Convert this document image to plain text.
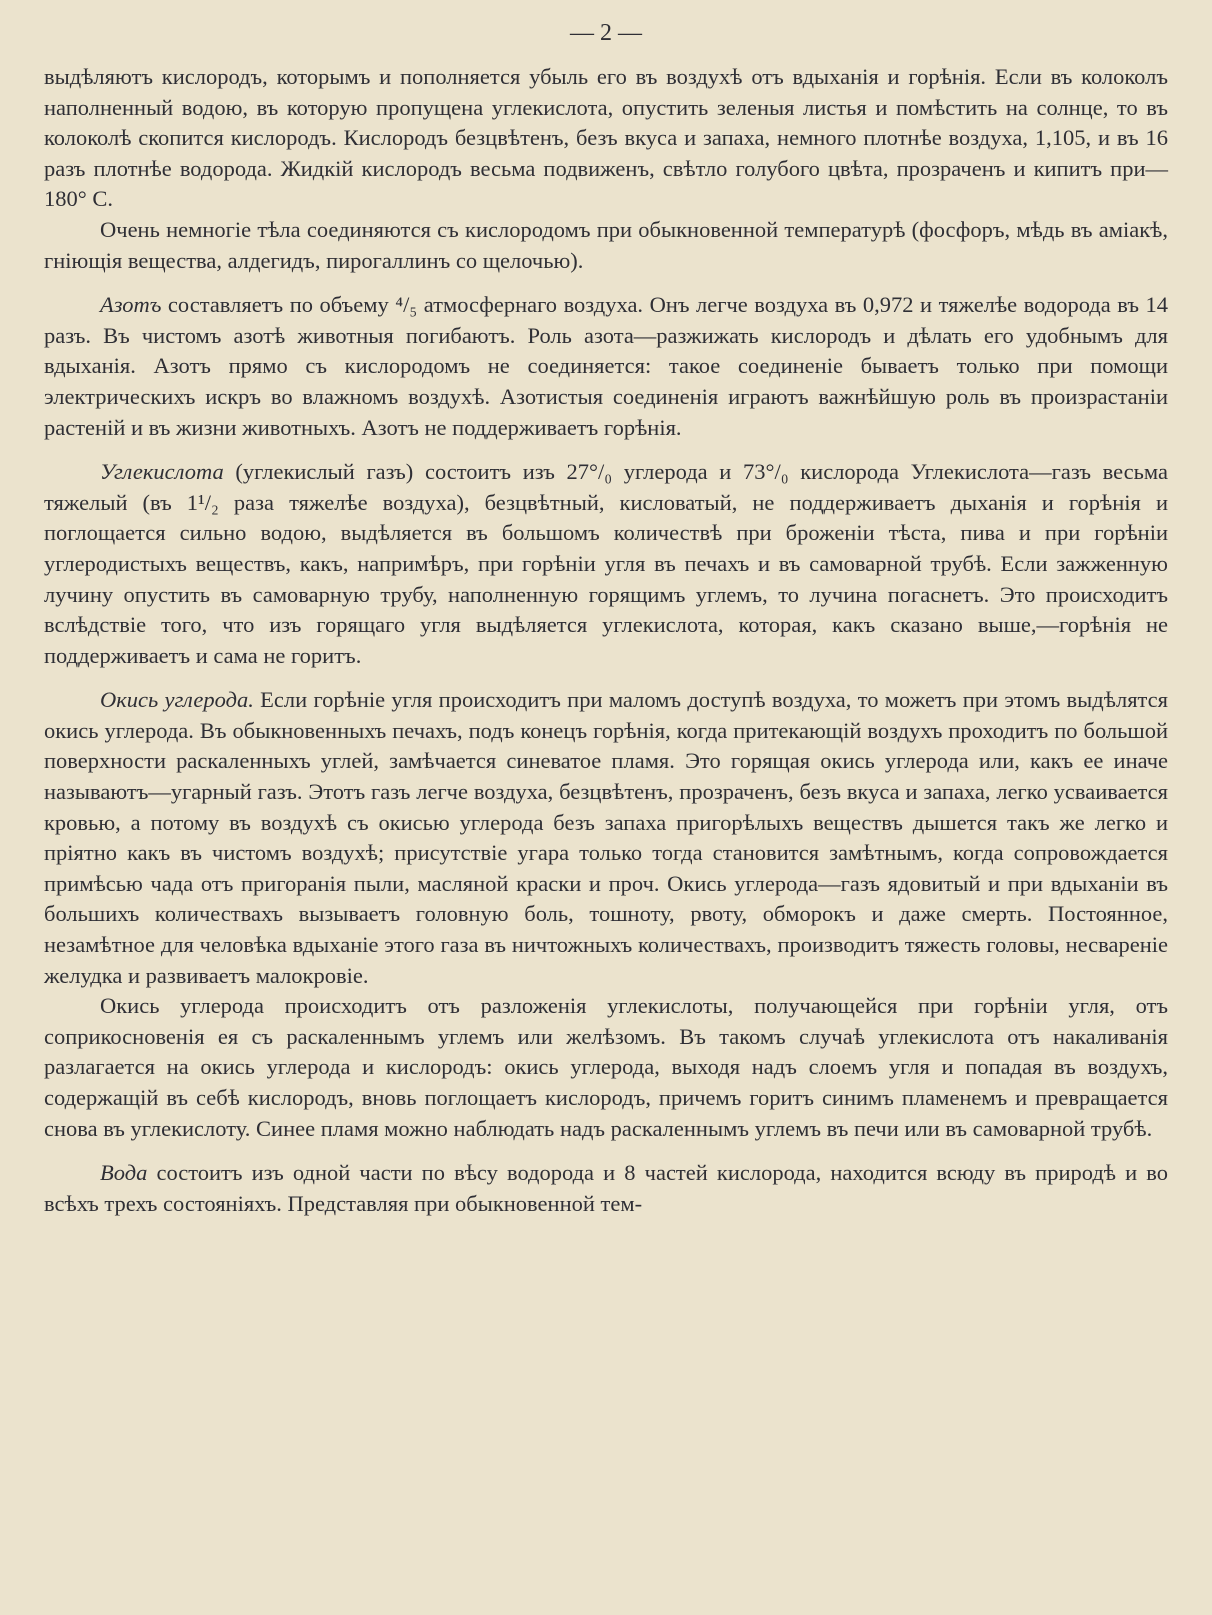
— 2 —

выдѣляютъ кислородъ, которымъ и пополняется убыль его въ воздухѣ отъ вдыханія и горѣнія. Если въ колоколъ наполненный водою, въ которую пропущена углекислота, опустить зеленыя листья и помѣстить на солнце, то въ колоколѣ скопится кислородъ. Кислородъ безцвѣтенъ, безъ вкуса и запаха, немного плотнѣе воздуха, 1,105, и въ 16 разъ плотнѣе водорода. Жидкій кислородъ весьма подвиженъ, свѣтло голубого цвѣта, прозраченъ и кипитъ при—180° С.

Очень немногіе тѣла соединяются съ кислородомъ при обыкновенной температурѣ (фосфоръ, мѣдь въ аміакѣ, гніющія вещества, алдегидъ, пирогаллинъ со щелочью).

Азотъ составляетъ по объему ⁴/₅ атмосфернаго воздуха. Онъ легче воздуха въ 0,972 и тяжелѣе водорода въ 14 разъ. Въ чистомъ азотѣ животныя погибаютъ. Роль азота—разжижать кислородъ и дѣлать его удобнымъ для вдыханія. Азотъ прямо съ кислородомъ не соединяется: такое соединеніе бываетъ только при помощи электрическихъ искръ во влажномъ воздухѣ. Азотистыя соединенія играютъ важнѣйшую роль въ произрастаніи растеній и въ жизни животныхъ. Азотъ не поддерживаетъ горѣнія.

Углекислота (углекислый газъ) состоитъ изъ 27°/₀ углерода и 73°/₀ кислорода Углекислота—газъ весьма тяжелый (въ 1¹/₂ раза тяжелѣе воздуха), безцвѣтный, кисловатый, не поддерживаетъ дыханія и горѣнія и поглощается сильно водою, выдѣляется въ большомъ количествѣ при броженіи тѣста, пива и при горѣніи углеродистыхъ веществъ, какъ, напримѣръ, при горѣніи угля въ печахъ и въ самоварной трубѣ. Если зажженную лучину опустить въ самоварную трубу, наполненную горящимъ углемъ, то лучина погаснетъ. Это происходитъ вслѣдствіе того, что изъ горящаго угля выдѣляется углекислота, которая, какъ сказано выше,—горѣнія не поддерживаетъ и сама не горитъ.

Окись углерода. Если горѣніе угля происходитъ при маломъ доступѣ воздуха, то можетъ при этомъ выдѣлятся окись углерода. Въ обыкновенныхъ печахъ, подъ конецъ горѣнія, когда притекающій воздухъ проходитъ по большой поверхности раскаленныхъ углей, замѣчается синеватое пламя. Это горящая окись углерода или, какъ ее иначе называютъ—угарный газъ. Этотъ газъ легче воздуха, безцвѣтенъ, прозраченъ, безъ вкуса и запаха, легко усваивается кровью, а потому въ воздухѣ съ окисью углерода безъ запаха пригорѣлыхъ веществъ дышется такъ же легко и пріятно какъ въ чистомъ воздухѣ; присутствіе угара только тогда становится замѣтнымъ, когда сопровождается примѣсью чада отъ пригоранія пыли, масляной краски и проч. Окись углерода—газъ ядовитый и при вдыханіи въ большихъ количествахъ вызываетъ головную боль, тошноту, рвоту, обморокъ и даже смерть. Постоянное, незамѣтное для человѣка вдыханіе этого газа въ ничтожныхъ количествахъ, производитъ тяжесть головы, несвареніе желудка и развиваетъ малокровіе.

Окись углерода происходитъ отъ разложенія углекислоты, получающейся при горѣніи угля, отъ соприкосновенія ея съ раскаленнымъ углемъ или желѣзомъ. Въ такомъ случаѣ углекислота отъ накаливанія разлагается на окись углерода и кислородъ: окись углерода, выходя надъ слоемъ угля и попадая въ воздухъ, содержащій въ себѣ кислородъ, вновь поглощаетъ кислородъ, причемъ горитъ синимъ пламенемъ и превращается снова въ углекислоту. Синее пламя можно наблюдать надъ раскаленнымъ углемъ въ печи или въ самоварной трубѣ.

Вода состоитъ изъ одной части по вѣсу водорода и 8 частей кислорода, находится всюду въ природѣ и во всѣхъ трехъ состояніяхъ. Представляя при обыкновенной тем-
